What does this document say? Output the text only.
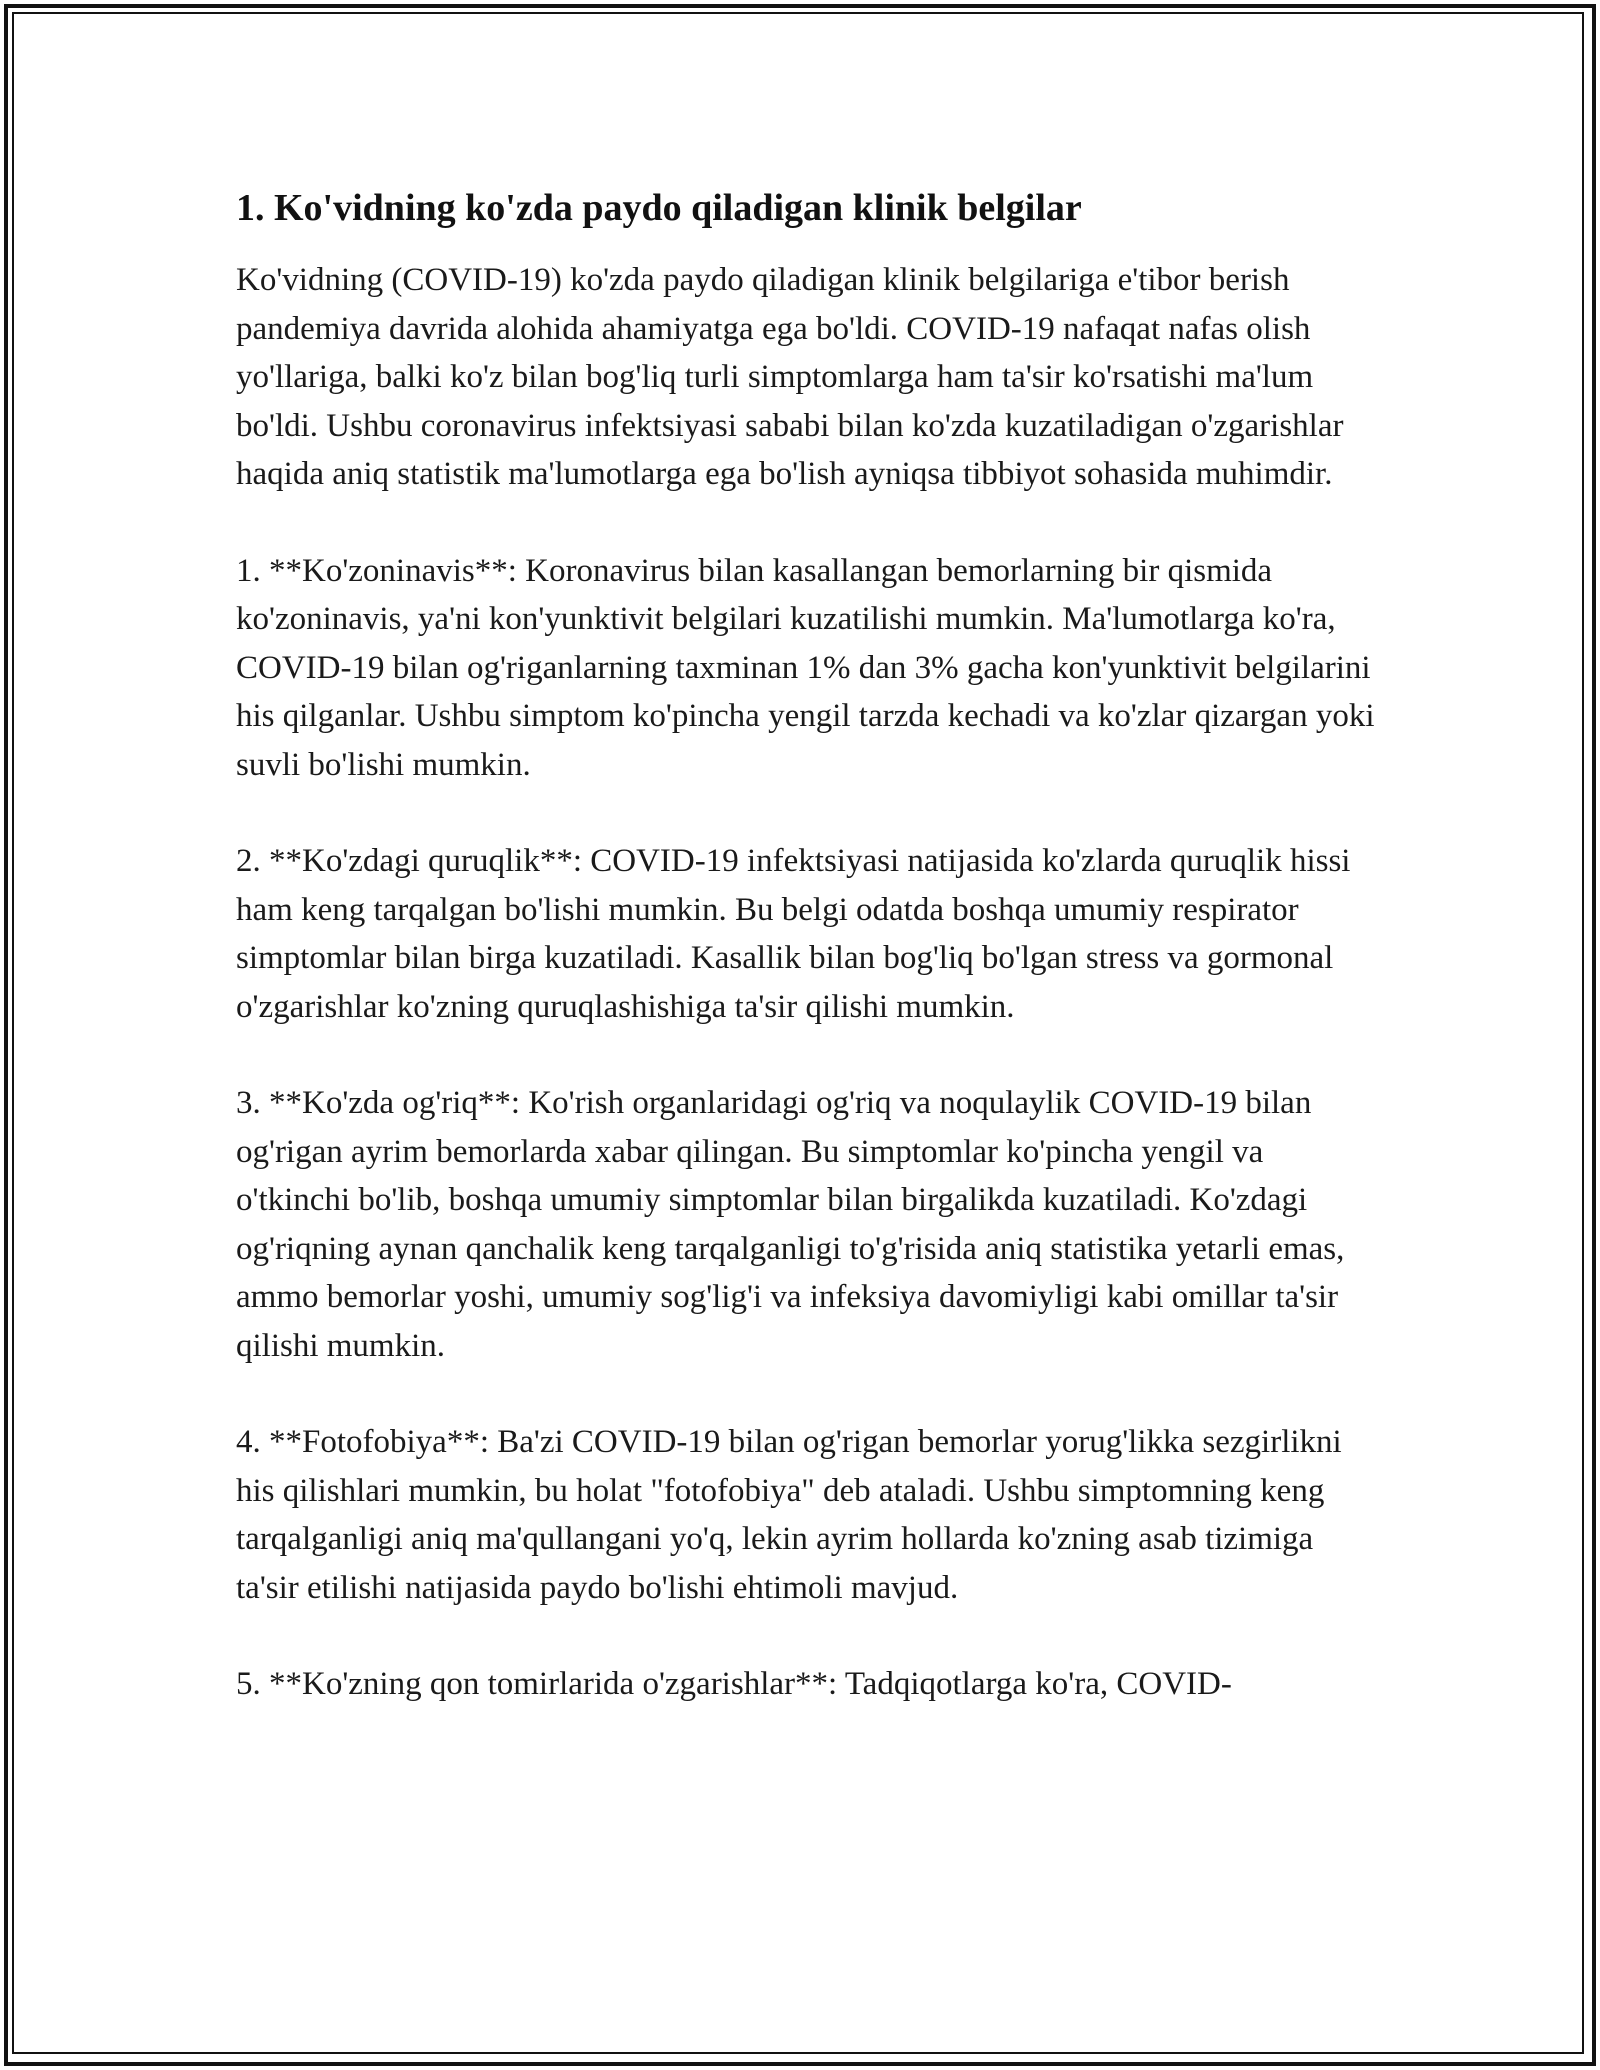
1. Ko'vidning ko'zda paydo qiladigan klinik belgilar

Ko'vidning (COVID-19) ko'zda paydo qiladigan klinik belgilariga e'tibor berish pandemiya davrida alohida ahamiyatga ega bo'ldi. COVID-19 nafaqat nafas olish yo'llariga, balki ko'z bilan bog'liq turli simptomlarga ham ta'sir ko'rsatishi ma'lum bo'ldi. Ushbu coronavirus infektsiyasi sababi bilan ko'zda kuzatiladigan o'zgarishlar haqida aniq statistik ma'lumotlarga ega bo'lish ayniqsa tibbiyot sohasida muhimdir.

1. **Ko'zoninavis**: Koronavirus bilan kasallangan bemorlarning bir qismida ko'zoninavis, ya'ni kon'yunktivit belgilari kuzatilishi mumkin. Ma'lumotlarga ko'ra, COVID-19 bilan og'riganlarning taxminan 1% dan 3% gacha kon'yunktivit belgilarini his qilganlar. Ushbu simptom ko'pincha yengil tarzda kechadi va ko'zlar qizargan yoki suvli bo'lishi mumkin.

2. **Ko'zdagi quruqlik**: COVID-19 infektsiyasi natijasida ko'zlarda quruqlik hissi ham keng tarqalgan bo'lishi mumkin. Bu belgi odatda boshqa umumiy respirator simptomlar bilan birga kuzatiladi. Kasallik bilan bog'liq bo'lgan stress va gormonal o'zgarishlar ko'zning quruqlashishiga ta'sir qilishi mumkin.

3. **Ko'zda og'riq**: Ko'rish organlaridagi og'riq va noqulaylik COVID-19 bilan og'rigan ayrim bemorlarda xabar qilingan. Bu simptomlar ko'pincha yengil va o'tkinchi bo'lib, boshqa umumiy simptomlar bilan birgalikda kuzatiladi. Ko'zdagi og'riqning aynan qanchalik keng tarqalganligi to'g'risida aniq statistika yetarli emas, ammo bemorlar yoshi, umumiy sog'lig'i va infeksiya davomiyligi kabi omillar ta'sir qilishi mumkin.

4. **Fotofobiya**: Ba'zi COVID-19 bilan og'rigan bemorlar yorug'likka sezgirlikni his qilishlari mumkin, bu holat "fotofobiya" deb ataladi. Ushbu simptomning keng tarqalganligi aniq ma'qullangani yo'q, lekin ayrim hollarda ko'zning asab tizimiga ta'sir etilishi natijasida paydo bo'lishi ehtimoli mavjud.

5. **Ko'zning qon tomirlarida o'zgarishlar**: Tadqiqotlarga ko'ra, COVID-
